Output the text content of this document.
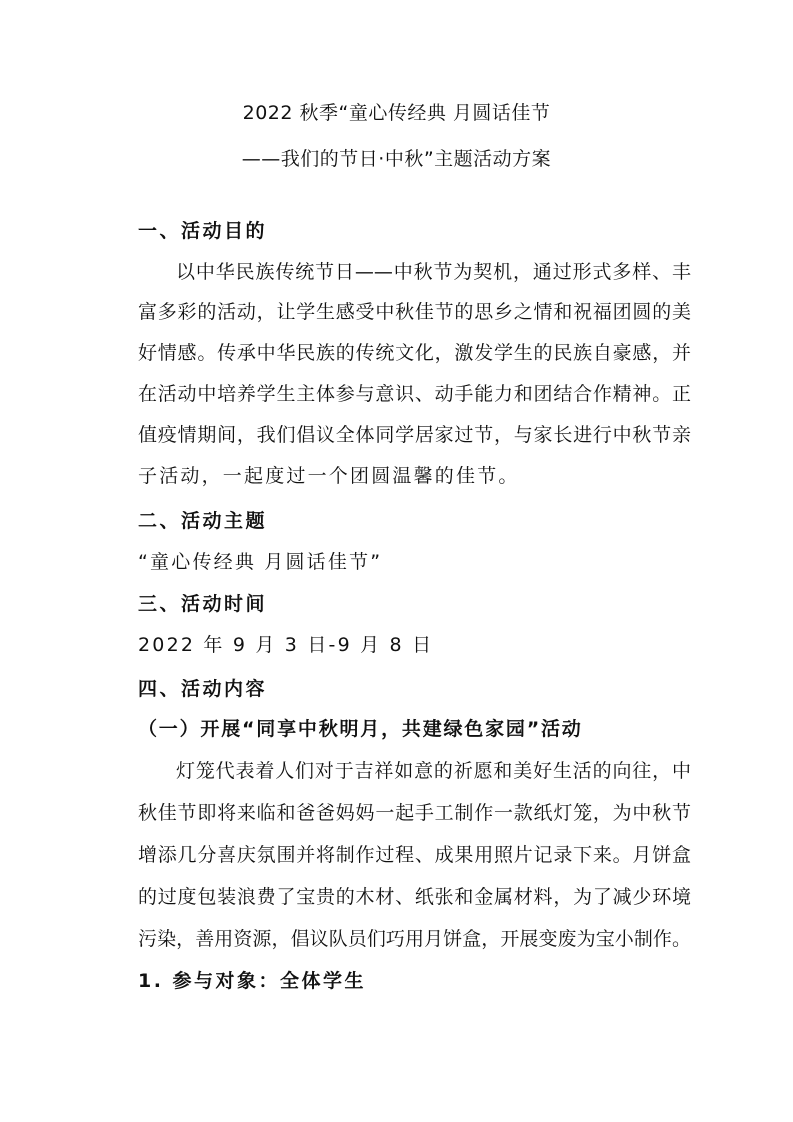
2022 秋季“童心传经典 月圆话佳节
——我们的节日·中秋”主题活动方案
一、活动目的
以中华民族传统节日——中秋节为契机，通过形式多样、丰
富多彩的活动，让学生感受中秋佳节的思乡之情和祝福团圆的美
好情感。传承中华民族的传统文化，激发学生的民族自豪感，并
在活动中培养学生主体参与意识、动手能力和团结合作精神。正
值疫情期间，我们倡议全体同学居家过节，与家长进行中秋节亲
子活动，一起度过一个团圆温馨的佳节。
二、活动主题
“童心传经典 月圆话佳节”
三、活动时间
2022 年 9 月 3 日-9 月 8 日
四、活动内容
（一）开展“同享中秋明月，共建绿色家园”活动
灯笼代表着人们对于吉祥如意的祈愿和美好生活的向往，中
秋佳节即将来临和爸爸妈妈一起手工制作一款纸灯笼，为中秋节
增添几分喜庆氛围并将制作过程、成果用照片记录下来。月饼盒
的过度包装浪费了宝贵的木材、纸张和金属材料，为了减少环境
污染，善用资源，倡议队员们巧用月饼盒，开展变废为宝小制作。
1. 参与对象：全体学生
